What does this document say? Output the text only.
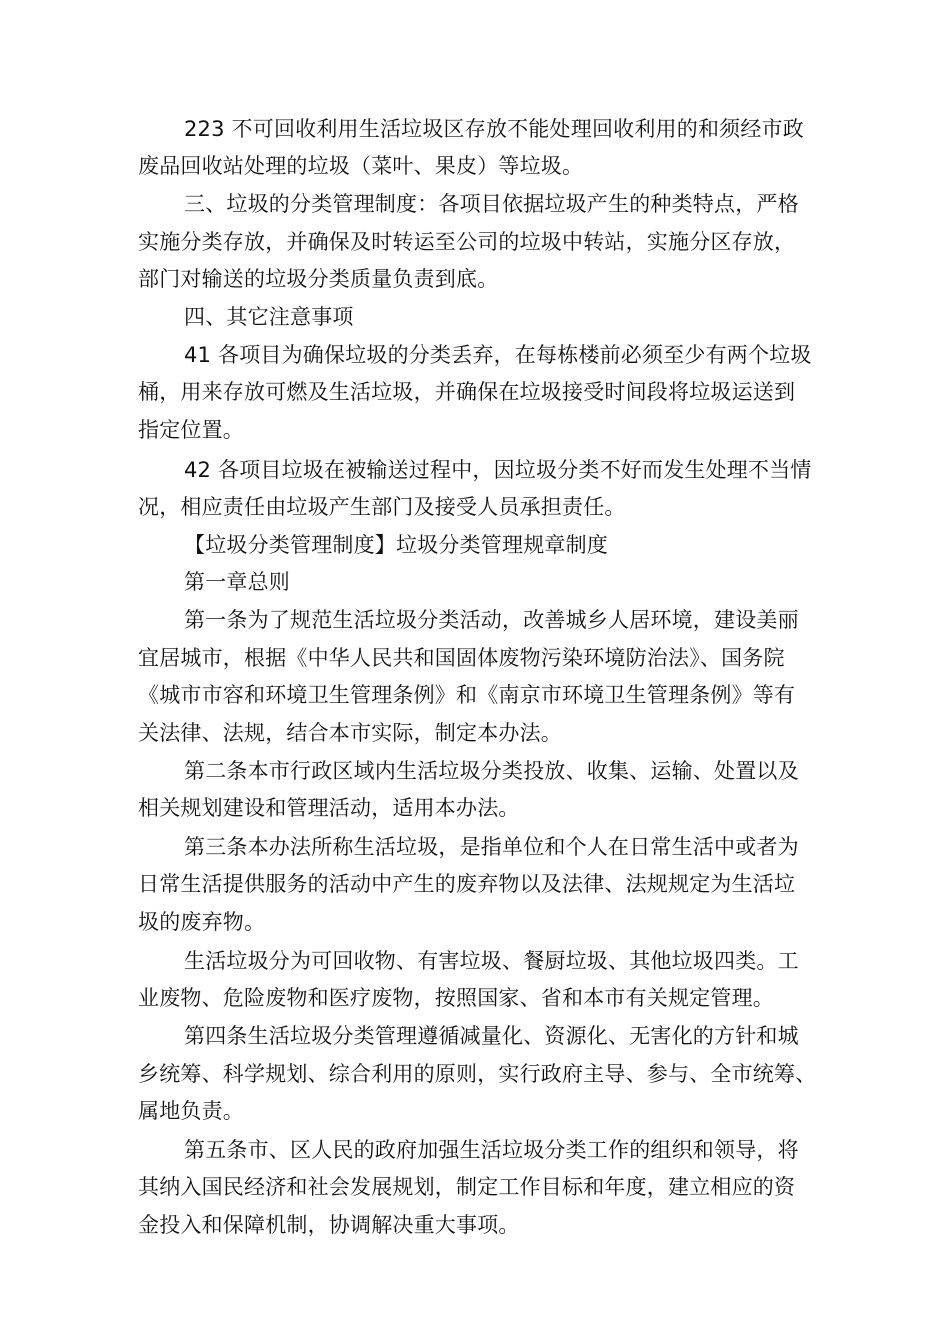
223 不可回收利用生活垃圾区存放不能处理回收利用的和须经市政

废品回收站处理的垃圾（菜叶、果皮）等垃圾。

三、垃圾的分类管理制度：各项目依据垃圾产生的种类特点，严格

实施分类存放，并确保及时转运至公司的垃圾中转站，实施分区存放，

部门对输送的垃圾分类质量负责到底。

四、其它注意事项

41 各项目为确保垃圾的分类丢弃，在每栋楼前必须至少有两个垃圾

桶，用来存放可燃及生活垃圾，并确保在垃圾接受时间段将垃圾运送到

指定位置。

42 各项目垃圾在被输送过程中，因垃圾分类不好而发生处理不当情

况，相应责任由垃圾产生部门及接受人员承担责任。

【垃圾分类管理制度】垃圾分类管理规章制度

第一章总则

第一条为了规范生活垃圾分类活动，改善城乡人居环境，建设美丽

宜居城市，根据《中华人民共和国固体废物污染环境防治法》、国务院

《城市市容和环境卫生管理条例》和《南京市环境卫生管理条例》等有

关法律、法规，结合本市实际，制定本办法。

第二条本市行政区域内生活垃圾分类投放、收集、运输、处置以及

相关规划建设和管理活动，适用本办法。

第三条本办法所称生活垃圾，是指单位和个人在日常生活中或者为

日常生活提供服务的活动中产生的废弃物以及法律、法规规定为生活垃

圾的废弃物。

生活垃圾分为可回收物、有害垃圾、餐厨垃圾、其他垃圾四类。工

业废物、危险废物和医疗废物，按照国家、省和本市有关规定管理。

第四条生活垃圾分类管理遵循减量化、资源化、无害化的方针和城

乡统筹、科学规划、综合利用的原则，实行政府主导、参与、全市统筹、

属地负责。

第五条市、区人民的政府加强生活垃圾分类工作的组织和领导，将

其纳入国民经济和社会发展规划，制定工作目标和年度，建立相应的资

金投入和保障机制，协调解决重大事项。
